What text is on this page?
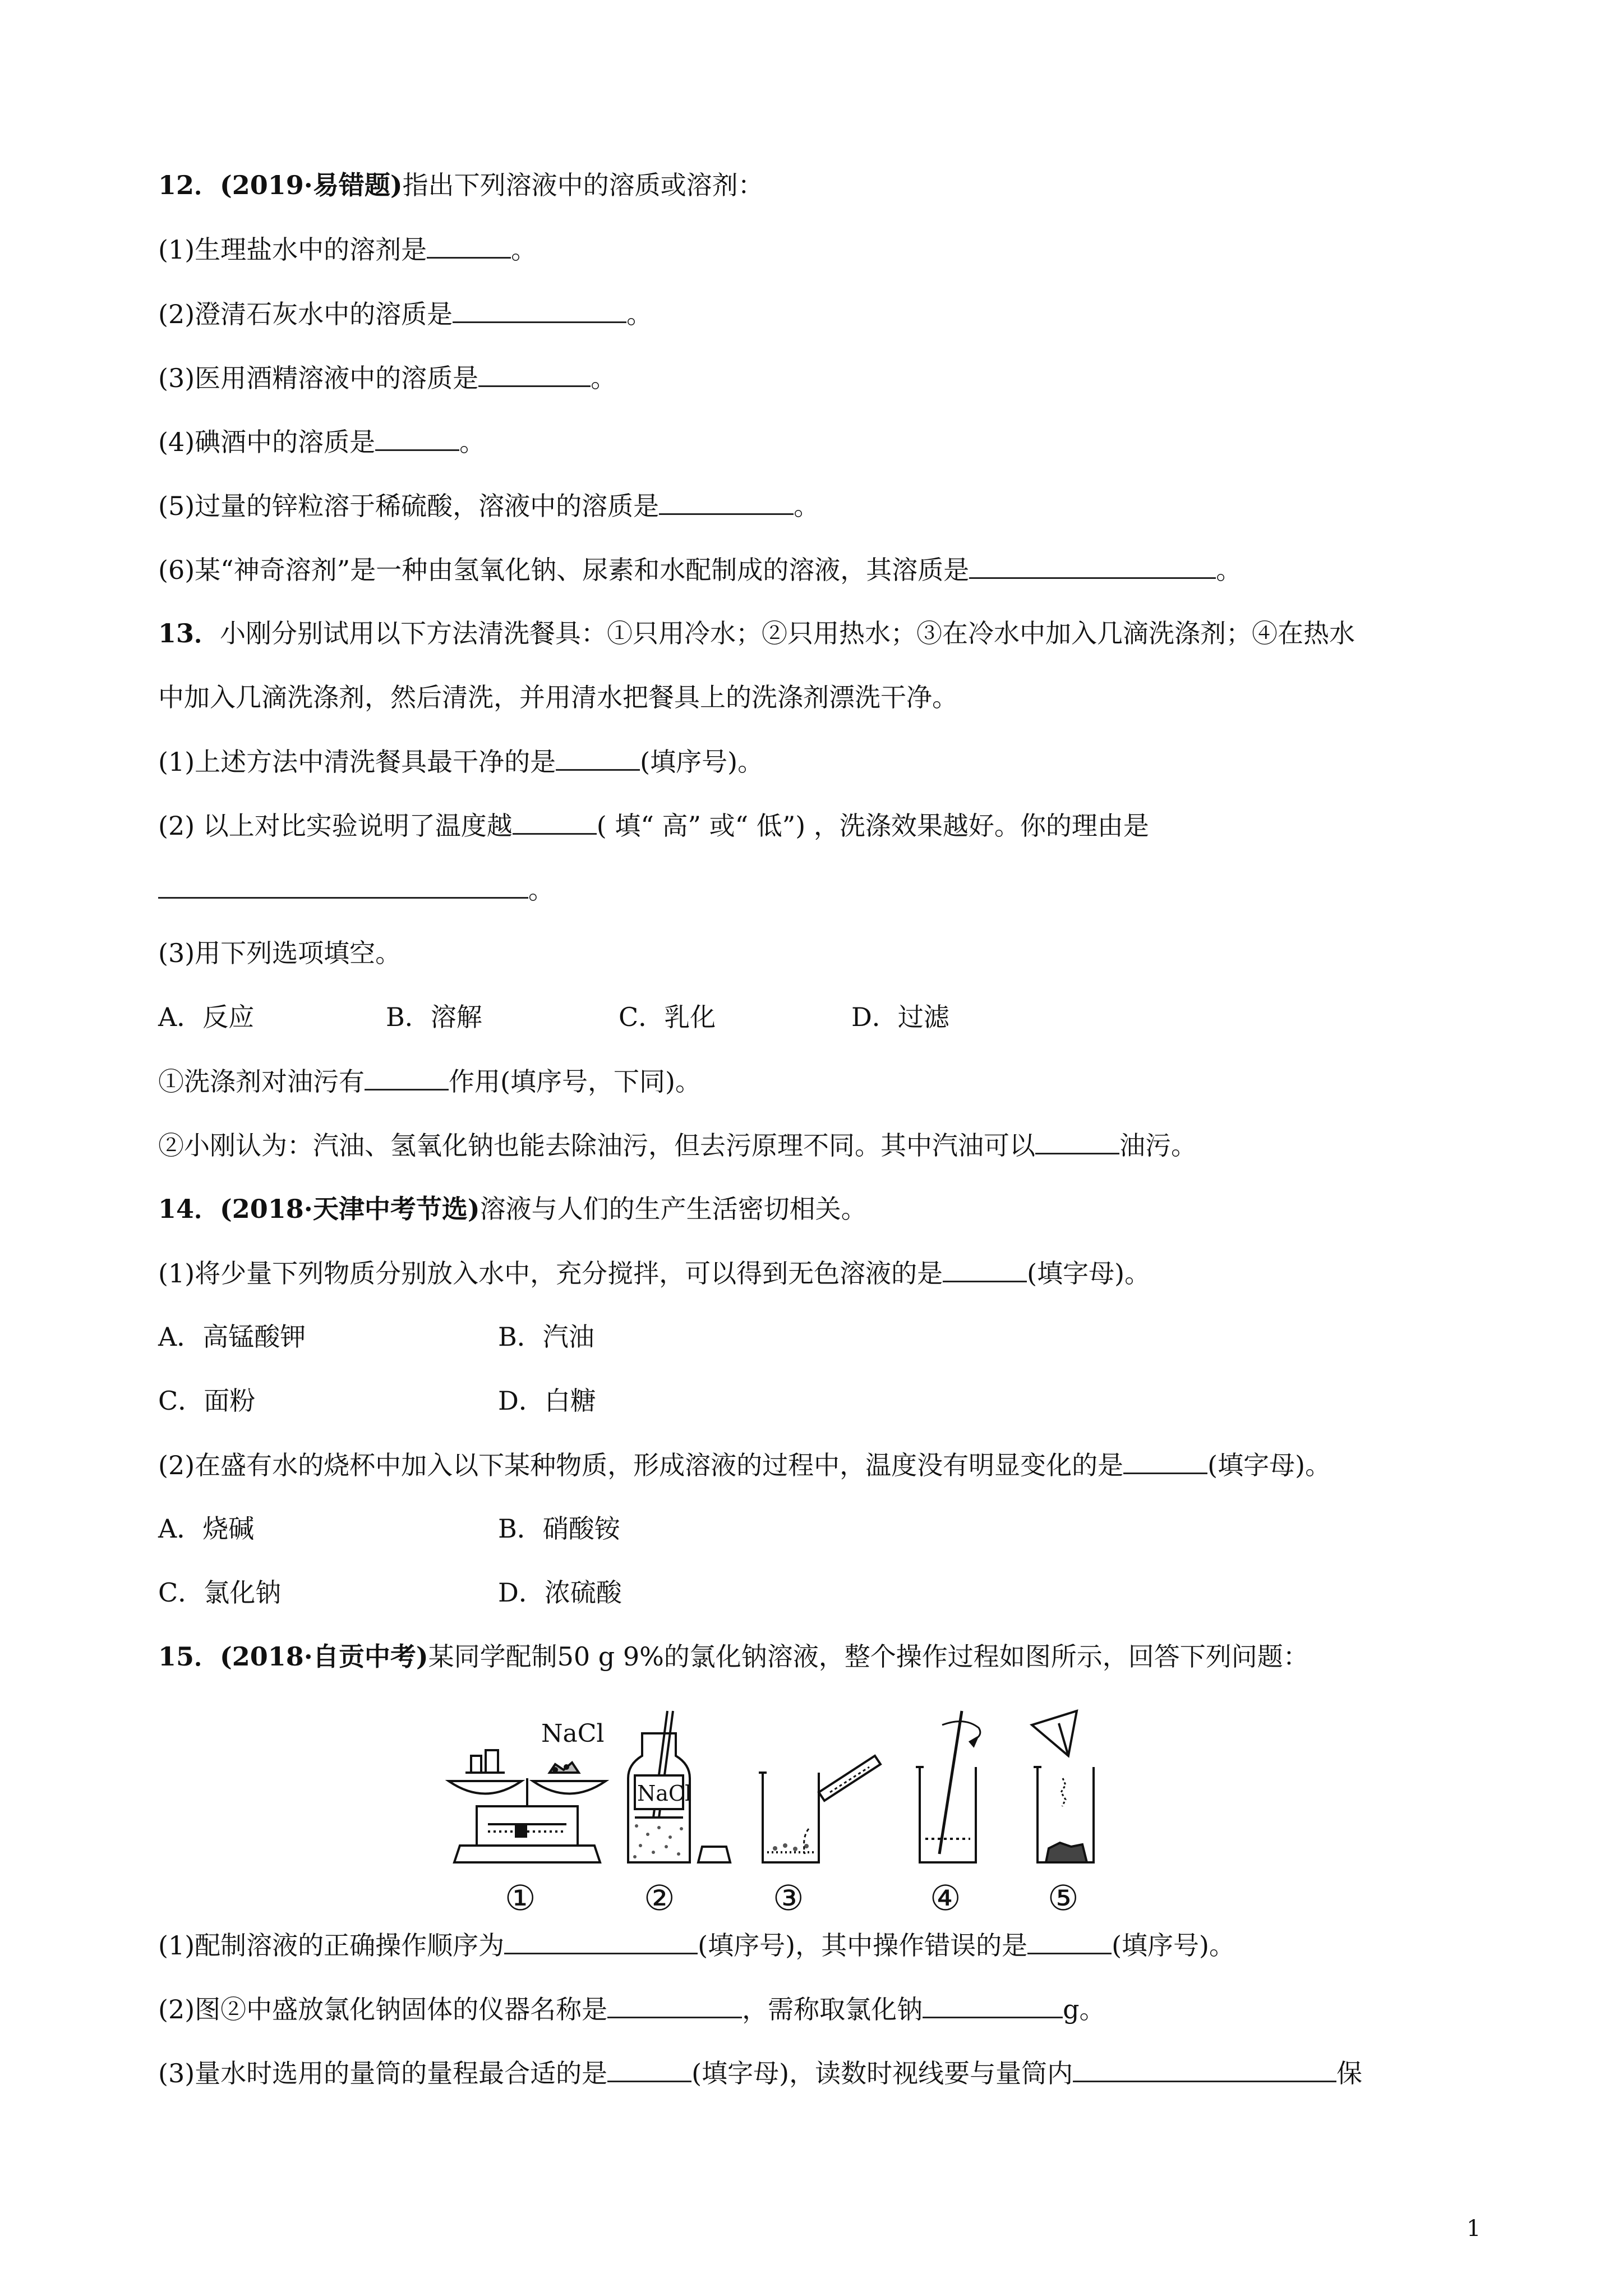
12．(2019·易错题)指出下列溶液中的溶质或溶剂：
(1)生理盐水中的溶剂是	。
(2)澄清石灰水中的溶质是	。
(3)医用酒精溶液中的溶质是	。
(4)碘酒中的溶质是	。
(5)过量的锌粒溶于稀硫酸，溶液中的溶质是	。
(6)某“神奇溶剂”是一种由氢氧化钠、尿素和水配制成的溶液，其溶质是	。
13．小刚分别试用以下方法清洗餐具：①只用冷水；②只用热水；③在冷水中加入几滴洗涤剂；④在热水
中加入几滴洗涤剂，然后清洗，并用清水把餐具上的洗涤剂漂洗干净。
(1)上述方法中清洗餐具最干净的是	(填序号)。
(2) 以上对比实验说明了温度越	( 填“ 高” 或“ 低”) ，洗涤效果越好。你的理由是
。
(3)用下列选项填空。
A．反应	B．溶解	C．乳化	D．过滤
①洗涤剂对油污有	作用(填序号，下同)。
②小刚认为：汽油、氢氧化钠也能去除油污，但去污原理不同。其中汽油可以	油污。
14．(2018·天津中考节选)溶液与人们的生产生活密切相关。
(1)将少量下列物质分别放入水中，充分搅拌，可以得到无色溶液的是	(填字母)。
A．高锰酸钾	B．汽油
C．面粉	D．白糖
(2)在盛有水的烧杯中加入以下某种物质，形成溶液的过程中，温度没有明显变化的是	(填字母)。
A．烧碱	B．硝酸铵
C．氯化钠	D．浓硫酸
15．(2018·自贡中考)某同学配制50 g 9%的氯化钠溶液，整个操作过程如图所示，回答下列问题：
NaCl
NaCl
①	②	③	④ ⑤
(1)配制溶液的正确操作顺序为	(填序号)，其中操作错误的是	(填序号)。
(2)图②中盛放氯化钠固体的仪器名称是	，需称取氯化钠	g。
(3)量水时选用的量筒的量程最合适的是	(填字母)，读数时视线要与量筒内	保
1
